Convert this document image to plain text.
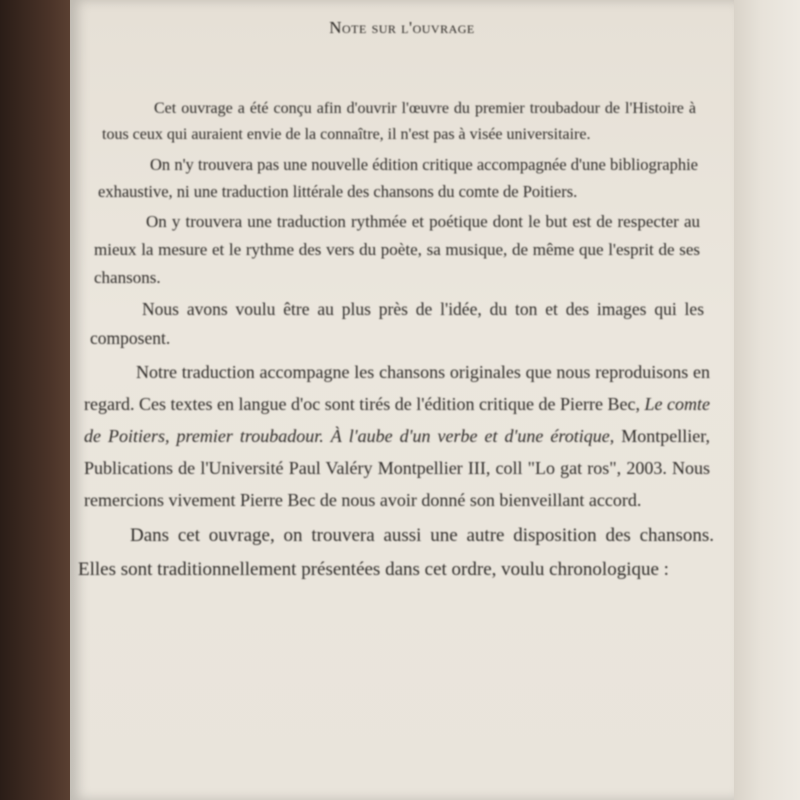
Note sur l'ouvrage

Cet ouvrage a été conçu afin d'ouvrir l'œuvre du premier troubadour de l'Histoire à tous ceux qui auraient envie de la connaître, il n'est pas à visée universitaire.

On n'y trouvera pas une nouvelle édition critique accompagnée d'une bibliographie exhaustive, ni une traduction littérale des chansons du comte de Poitiers.

On y trouvera une traduction rythmée et poétique dont le but est de respecter au mieux la mesure et le rythme des vers du poète, sa musique, de même que l'esprit de ses chansons.

Nous avons voulu être au plus près de l'idée, du ton et des images qui les composent.

Notre traduction accompagne les chansons originales que nous reproduisons en regard. Ces textes en langue d'oc sont tirés de l'édition critique de Pierre Bec, Le comte de Poitiers, premier troubadour. À l'aube d'un verbe et d'une érotique, Montpellier, Publications de l'Université Paul Valéry Montpellier III, coll "Lo gat ros", 2003. Nous remercions vivement Pierre Bec de nous avoir donné son bienveillant accord.

Dans cet ouvrage, on trouvera aussi une autre disposition des chansons. Elles sont traditionnellement présentées dans cet ordre, voulu chronologique :
